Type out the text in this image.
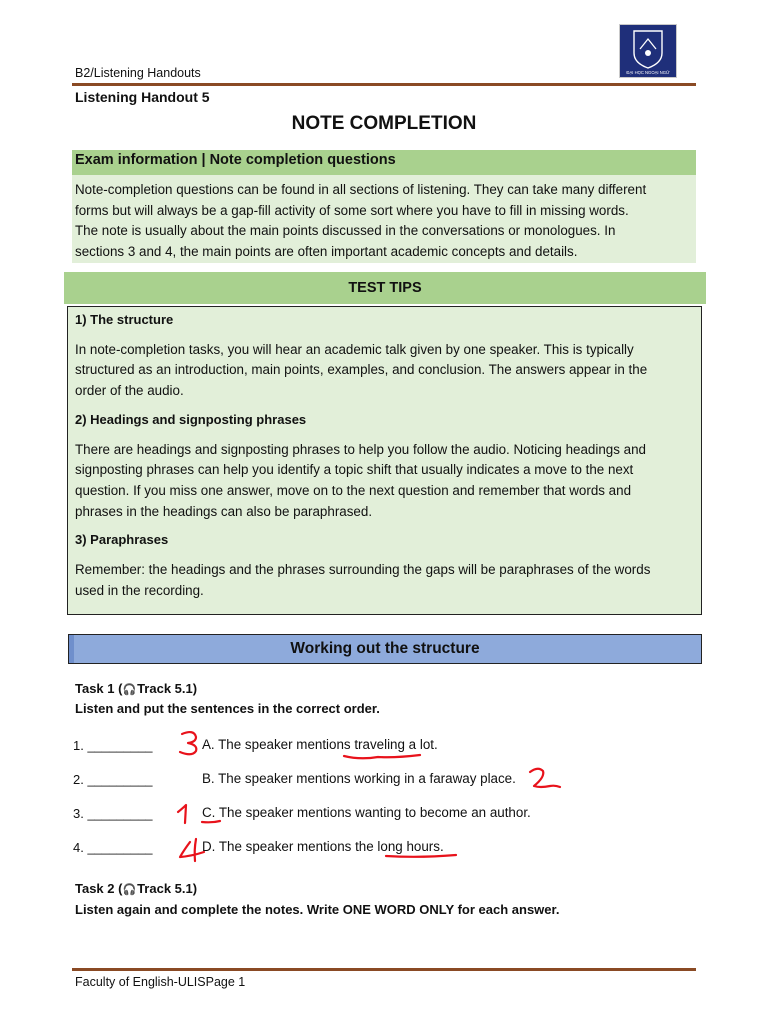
B2/Listening Handouts	ĐẠI HỌC NGOẠI NGỮ
Listening Handout 5
NOTE COMPLETION
Exam information | Note completion questions
Note-completion questions can be found in all sections of listening. They can take many different
forms but will always be a gap-fill activity of some sort where you have to fill in missing words.
The note is usually about the main points discussed in the conversations or monologues. In
sections 3 and 4, the main points are often important academic concepts and details.
TEST TIPS

1) The structure

In note-completion tasks, you will hear an academic talk given by one speaker. This is typically

structured as an introduction, main points, examples, and conclusion. The answers appear in the

order of the audio.

2) Headings and signposting phrases

There are headings and signposting phrases to help you follow the audio. Noticing headings and

signposting phrases can help you identify a topic shift that usually indicates a move to the next

question. If you miss one answer, move on to the next question and remember that words and

phrases in the headings can also be paraphrased.

3) Paraphrases

Remember: the headings and the phrases surrounding the gaps will be paraphrases of the words

used in the recording.

Working out the structure
Task 1 (🎧 Track 5.1)
Listen and put the sentences in the correct order.
1. _________	A. The speaker mentions traveling a lot.
2. _________	B. The speaker mentions working in a faraway place.
3. _________	C. The speaker mentions wanting to become an author.
4. _________	D. The speaker mentions the long hours.
Task 2 (🎧 Track 5.1)
Listen again and complete the notes. Write ONE WORD ONLY for each answer.
Faculty of English-ULISPage 1
